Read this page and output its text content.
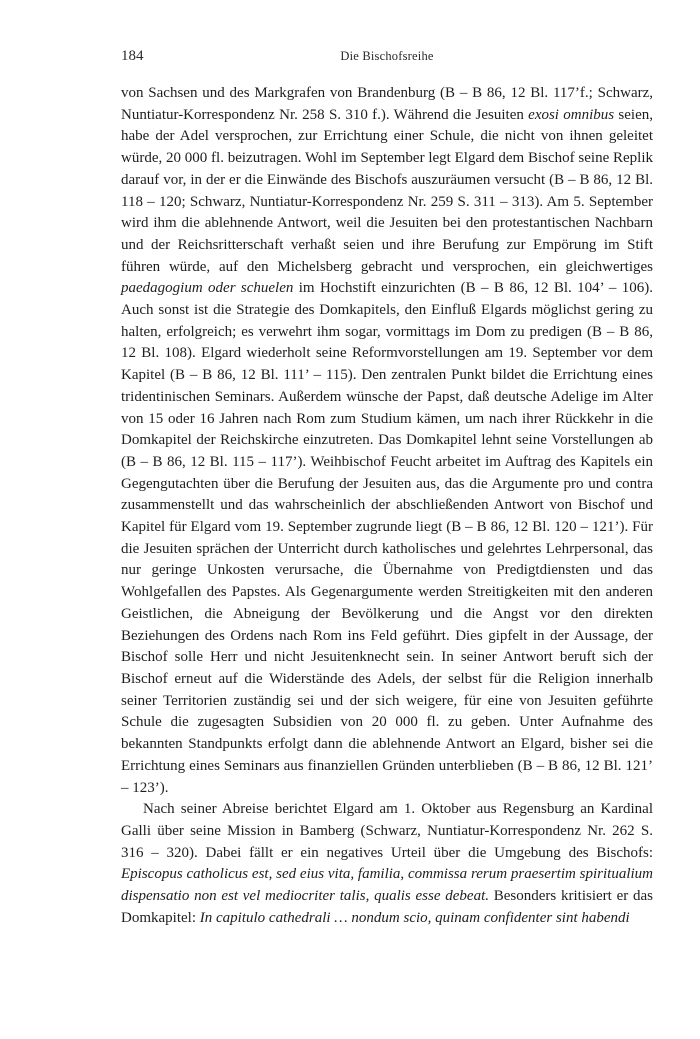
184	Die Bischofsreihe

von Sachsen und des Markgrafen von Brandenburg (B – B 86, 12 Bl. 117’f.; Schwarz, Nuntiatur-Korrespondenz Nr. 258 S. 310 f.). Während die Jesuiten exosi omnibus seien, habe der Adel versprochen, zur Errichtung einer Schule, die nicht von ihnen geleitet würde, 20 000 fl. beizutragen. Wohl im September legt Elgard dem Bischof seine Replik darauf vor, in der er die Einwände des Bischofs auszuräumen versucht (B – B 86, 12 Bl. 118 – 120; Schwarz, Nuntiatur-Korrespondenz Nr. 259 S. 311 – 313). Am 5. September wird ihm die ablehnende Antwort, weil die Jesuiten bei den protestantischen Nachbarn und der Reichsritterschaft verhaßt seien und ihre Berufung zur Empörung im Stift führen würde, auf den Michelsberg gebracht und versprochen, ein gleichwertiges paedagogium oder schuelen im Hochstift einzurichten (B – B 86, 12 Bl. 104’ – 106). Auch sonst ist die Strategie des Domkapitels, den Einfluß Elgards möglichst gering zu halten, erfolgreich; es verwehrt ihm sogar, vormittags im Dom zu predigen (B – B 86, 12 Bl. 108). Elgard wiederholt seine Reformvorstellungen am 19. September vor dem Kapitel (B – B 86, 12 Bl. 111’ – 115). Den zentralen Punkt bildet die Errichtung eines tridentinischen Seminars. Außerdem wünsche der Papst, daß deutsche Adelige im Alter von 15 oder 16 Jahren nach Rom zum Studium kämen, um nach ihrer Rückkehr in die Domkapitel der Reichskirche einzutreten. Das Domkapitel lehnt seine Vorstellungen ab (B – B 86, 12 Bl. 115 – 117’). Weihbischof Feucht arbeitet im Auftrag des Kapitels ein Gegengutachten über die Berufung der Jesuiten aus, das die Argumente pro und contra zusammenstellt und das wahrscheinlich der abschließenden Antwort von Bischof und Kapitel für Elgard vom 19. September zugrunde liegt (B – B 86, 12 Bl. 120 – 121’). Für die Jesuiten sprächen der Unterricht durch katholisches und gelehrtes Lehrpersonal, das nur geringe Unkosten verursache, die Übernahme von Predigtdiensten und das Wohlgefallen des Papstes. Als Gegenargumente werden Streitigkeiten mit den anderen Geistlichen, die Abneigung der Bevölkerung und die Angst vor den direkten Beziehungen des Ordens nach Rom ins Feld geführt. Dies gipfelt in der Aussage, der Bischof solle Herr und nicht Jesuitenknecht sein. In seiner Antwort beruft sich der Bischof erneut auf die Widerstände des Adels, der selbst für die Religion innerhalb seiner Territorien zuständig sei und der sich weigere, für eine von Jesuiten geführte Schule die zugesagten Subsidien von 20 000 fl. zu geben. Unter Aufnahme des bekannten Standpunkts erfolgt dann die ablehnende Antwort an Elgard, bisher sei die Errichtung eines Seminars aus finanziellen Gründen unterblieben (B – B 86, 12 Bl. 121’ – 123’).

Nach seiner Abreise berichtet Elgard am 1. Oktober aus Regensburg an Kardinal Galli über seine Mission in Bamberg (Schwarz, Nuntiatur-Korrespondenz Nr. 262 S. 316 – 320). Dabei fällt er ein negatives Urteil über die Umgebung des Bischofs: Episcopus catholicus est, sed eius vita, familia, commissa rerum praesertim spiritualium dispensatio non est vel mediocriter talis, qualis esse debeat. Besonders kritisiert er das Domkapitel: In capitulo cathedrali … nondum scio, quinam confidenter sint habendi
